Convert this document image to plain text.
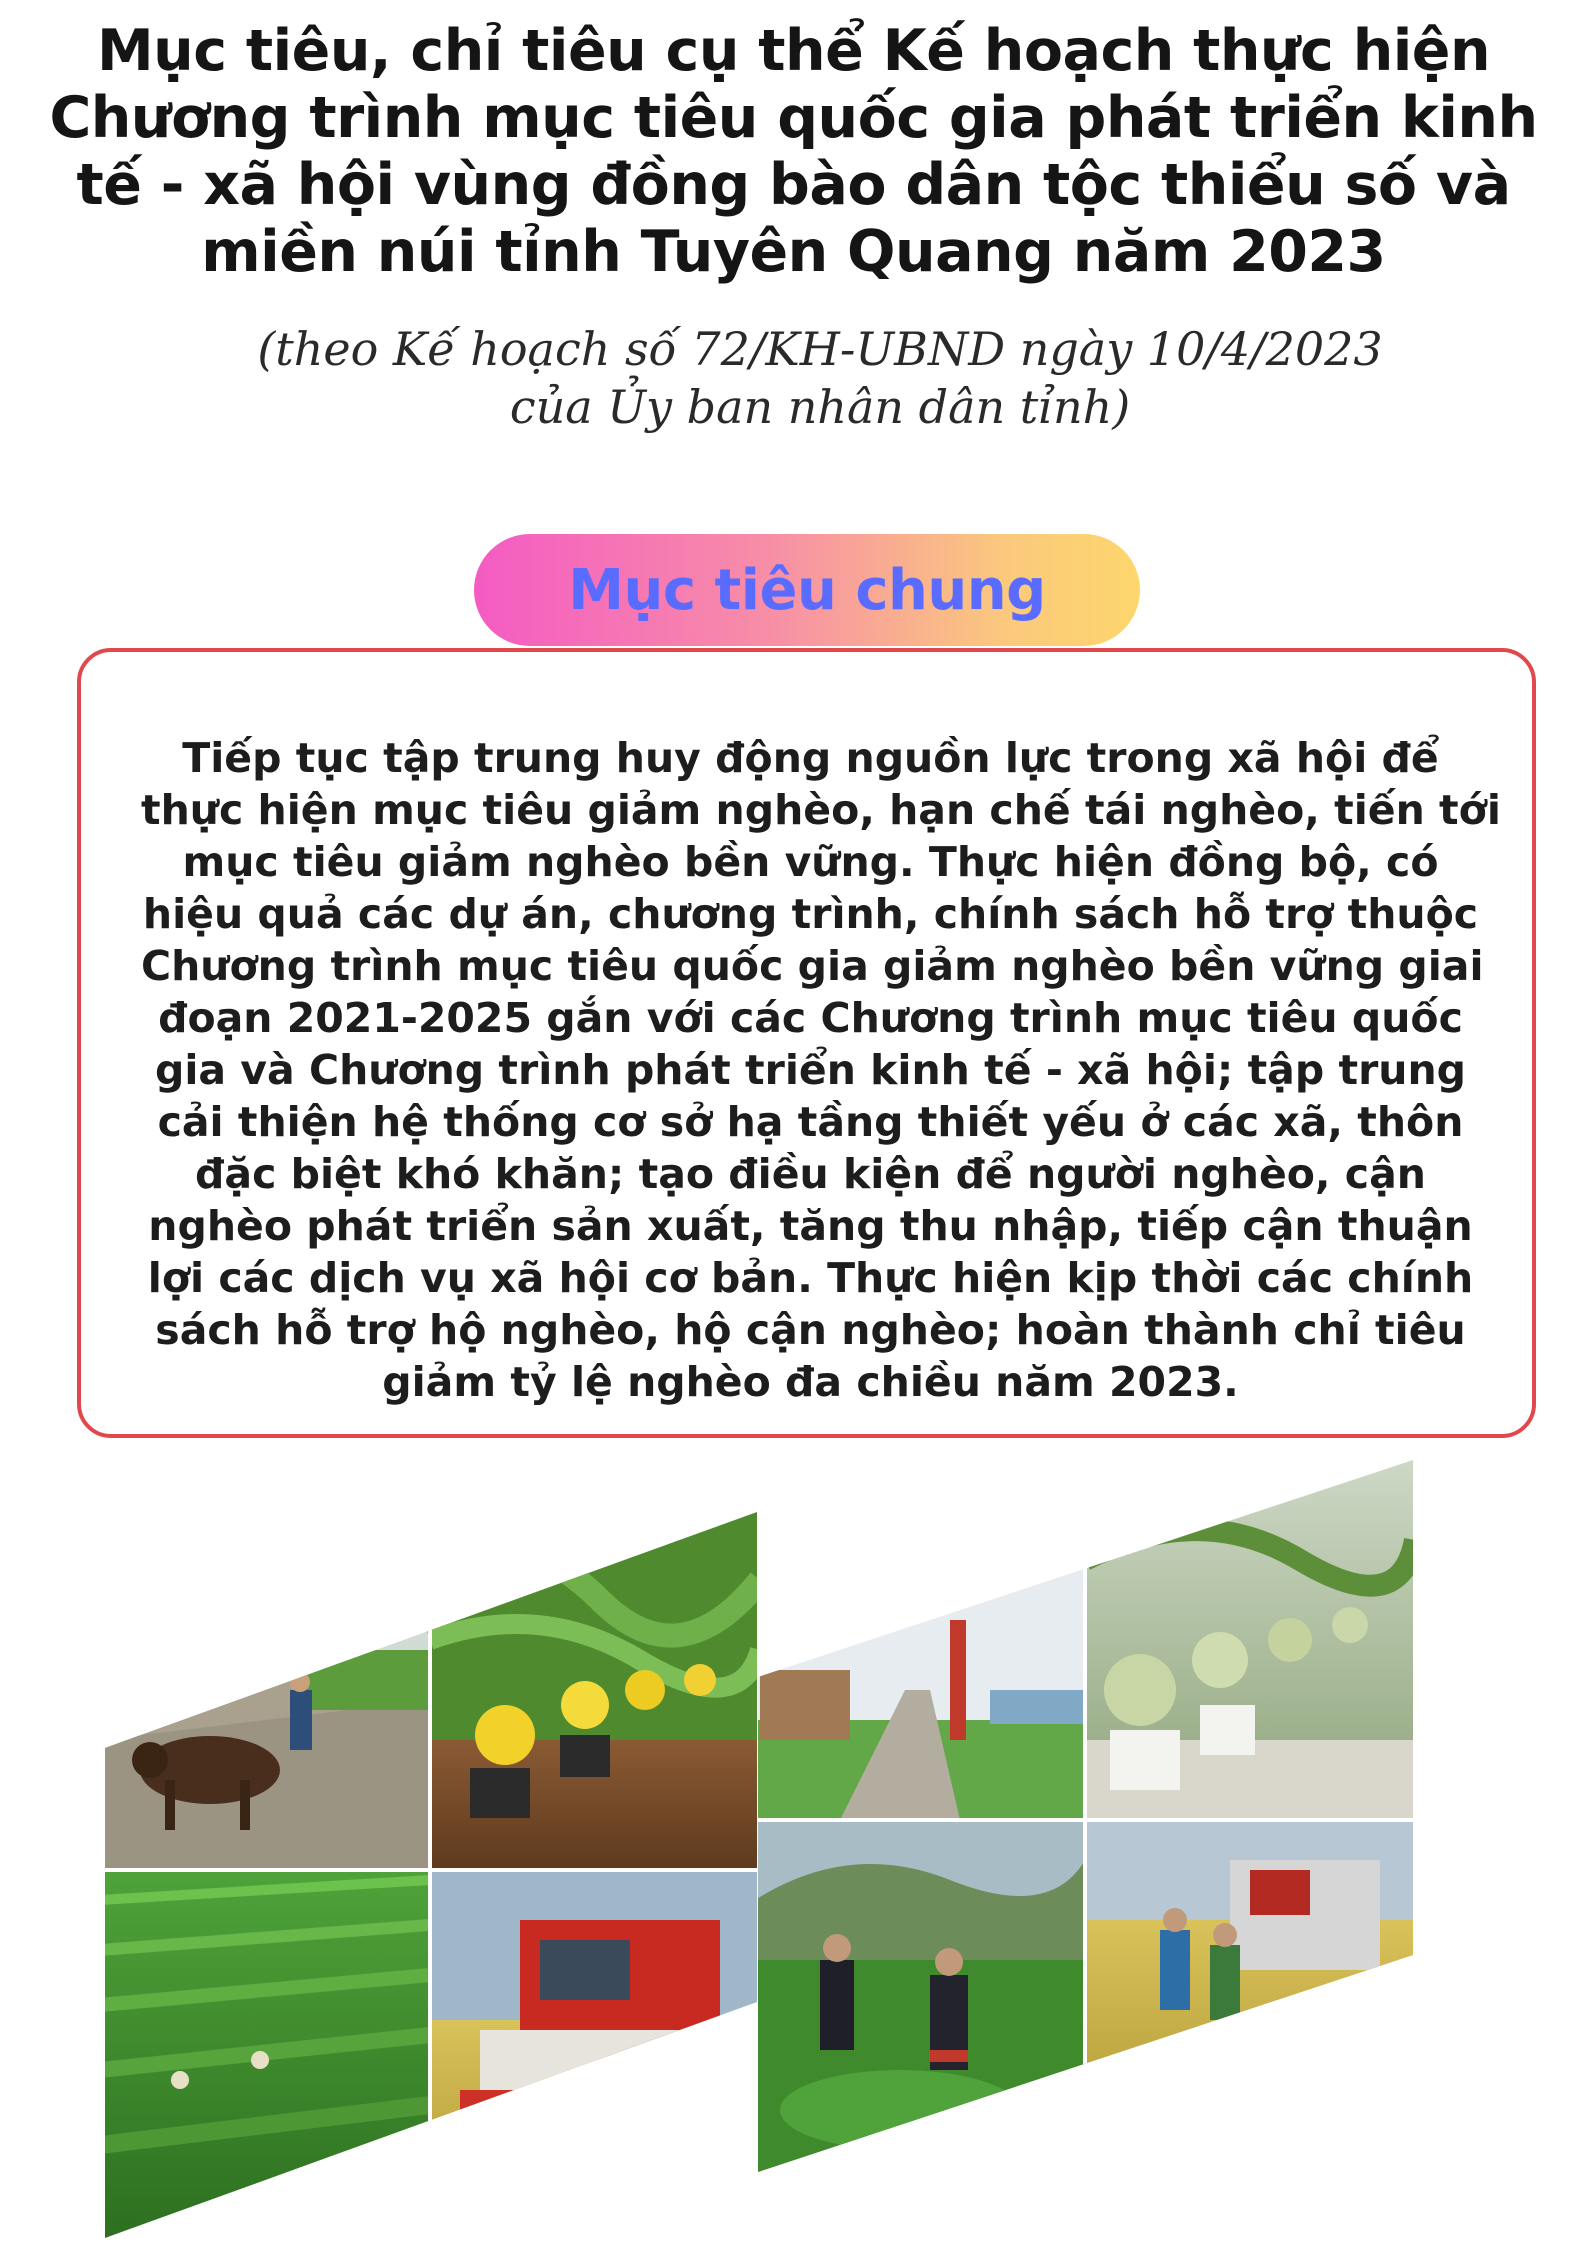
Mục tiêu, chỉ tiêu cụ thể Kế hoạch thực hiện
Chương trình mục tiêu quốc gia phát triển kinh
tế - xã hội vùng đồng bào dân tộc thiểu số và
miền núi tỉnh Tuyên Quang năm 2023
(theo Kế hoạch số 72/KH-UBND ngày 10/4/2023
của Ủy ban nhân dân tỉnh)
Mục tiêu chung
Tiếp tục tập trung huy động nguồn lực trong xã hội để
thực hiện mục tiêu giảm nghèo, hạn chế tái nghèo, tiến tới
mục tiêu giảm nghèo bền vững. Thực hiện đồng bộ, có
hiệu quả các dự án, chương trình, chính sách hỗ trợ thuộc
Chương trình mục tiêu quốc gia giảm nghèo bền vững giai
đoạn 2021-2025 gắn với các Chương trình mục tiêu quốc
gia và Chương trình phát triển kinh tế - xã hội; tập trung
cải thiện hệ thống cơ sở hạ tầng thiết yếu ở các xã, thôn
đặc biệt khó khăn; tạo điều kiện để người nghèo, cận
nghèo phát triển sản xuất, tăng thu nhập, tiếp cận thuận
lợi các dịch vụ xã hội cơ bản. Thực hiện kịp thời các chính
sách hỗ trợ hộ nghèo, hộ cận nghèo; hoàn thành chỉ tiêu
giảm tỷ lệ nghèo đa chiều năm 2023.
